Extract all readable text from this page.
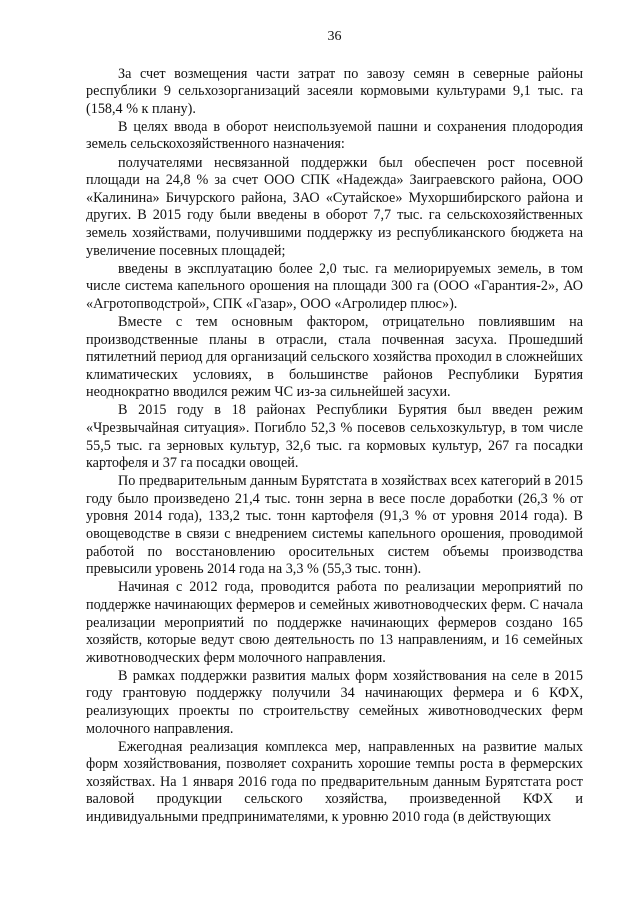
36

За счет возмещения части затрат по завозу семян в северные районы республики 9 сельхозорганизаций засеяли кормовыми культурами 9,1 тыс. га (158,4 % к плану).

В целях ввода в оборот неиспользуемой пашни и сохранения плодородия земель сельскохозяйственного назначения:

получателями несвязанной поддержки был обеспечен рост посевной площади на 24,8 % за счет ООО СПК «Надежда» Заиграевского района, ООО «Калинина» Бичурского района, ЗАО «Сутайское» Мухоршибирского района и других. В 2015 году были введены в оборот 7,7 тыс. га сельскохозяйственных земель хозяйствами, получившими поддержку из республиканского бюджета на увеличение посевных площадей;

введены в эксплуатацию более 2,0 тыс. га мелиорируемых земель, в том числе система капельного орошения на площади 300 га (ООО «Гарантия-2», АО «Агротопводстрой», СПК «Газар», ООО «Агролидер плюс»).

Вместе с тем основным фактором, отрицательно повлиявшим на производственные планы в отрасли, стала почвенная засуха. Прошедший пятилетний период для организаций сельского хозяйства проходил в сложнейших климатических условиях, в большинстве районов Республики Бурятия неоднократно вводился режим ЧС из-за сильнейшей засухи.

В 2015 году в 18 районах Республики Бурятия был введен режим «Чрезвычайная ситуация». Погибло 52,3 % посевов сельхозкультур, в том числе 55,5 тыс. га зерновых культур, 32,6 тыс. га кормовых культур, 267 га посадки картофеля и 37 га посадки овощей.

По предварительным данным Бурятстата в хозяйствах всех категорий в 2015 году было произведено 21,4 тыс. тонн зерна в весе после доработки (26,3 % от уровня 2014 года), 133,2 тыс. тонн картофеля (91,3 % от уровня 2014 года). В овощеводстве в связи с внедрением системы капельного орошения, проводимой работой по восстановлению оросительных систем объемы производства превысили уровень 2014 года на 3,3 % (55,3 тыс. тонн).

Начиная с 2012 года, проводится работа по реализации мероприятий по поддержке начинающих фермеров и семейных животноводческих ферм. С начала реализации мероприятий по поддержке начинающих фермеров создано 165 хозяйств, которые ведут свою деятельность по 13 направлениям, и 16 семейных животноводческих ферм молочного направления.

В рамках поддержки развития малых форм хозяйствования на селе в 2015 году грантовую поддержку получили 34 начинающих фермера и 6 КФХ, реализующих проекты по строительству семейных животноводческих ферм молочного направления.

Ежегодная реализация комплекса мер, направленных на развитие малых форм хозяйствования, позволяет сохранить хорошие темпы роста в фермерских хозяйствах. На 1 января 2016 года по предварительным данным Бурятстата рост валовой продукции сельского хозяйства, произведенной КФХ и индивидуальными предпринимателями, к уровню 2010 года (в действующих
